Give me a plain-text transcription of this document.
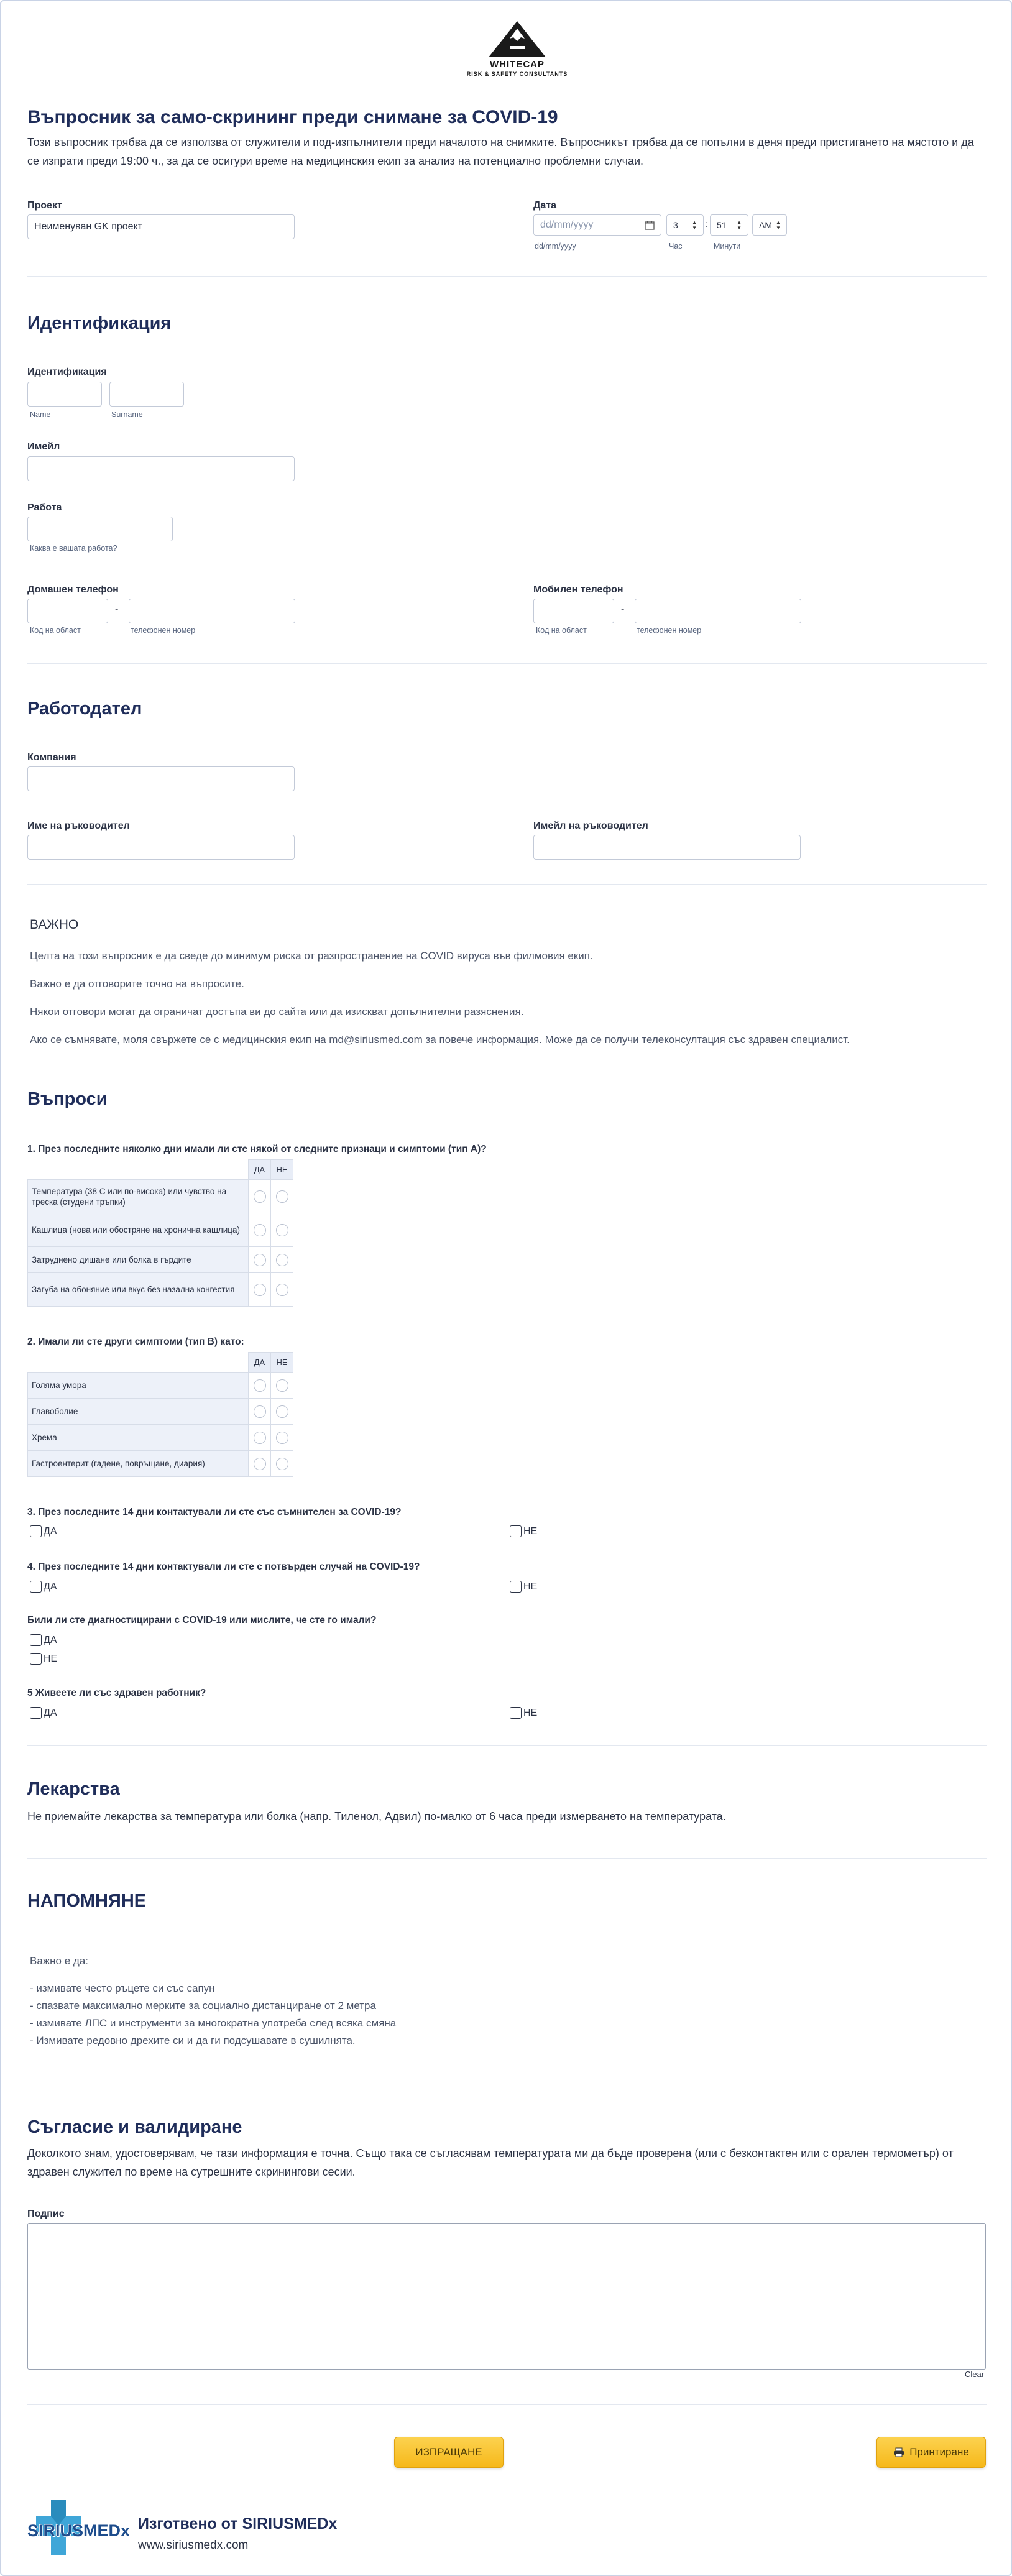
WHITECAP
RISK & SAFETY CONSULTANTS
Въпросник за само-скрининг преди снимане за COVID-19
Този въпросник трябва да се използва от служители и под-изпълнители преди началото на снимките. Въпросникът трябва да се попълни в деня преди пристигането на мястото и да се изпрати преди 19:00 ч., за да се осигури време на медицинския екип за анализ на потенциално проблемни случаи.
Проект
Неименуван GK проект
Дата
dd/mm/yyyy
dd/mm/yyyy
3	▲
▼ : 51 ▲
▼ AM ▲
▼
Час	Минути
Идентификация
Идентификация
Name	Surname
Имейл
Работа
Каква е вашата работа?
Домашен телефон
-
Код на област	телефонен номер
Мобилен телефон
-
Код на област	телефонен номер
Работодател
Компания
Име на ръководител	Имейл на ръководител
ВАЖНО
Целта на този въпросник е да сведе до минимум риска от разпространение на COVID вируса във филмовия екип.
Важно е да отговорите точно на въпросите.
Някои отговори могат да ограничат достъпа ви до сайта или да изискват допълнителни разяснения.
Ако се съмнявате, моля свържете се с медицинския екип на md@siriusmed.com за повече информация. Може да се получи телеконсултация със здравен специалист.
Въпроси
1. През последните няколко дни имали ли сте някой от следните признаци и симптоми (тип А)?
	ДА	НЕ
Температура (38 C или по-висока) или чувство на треска (студени тръпки)		
Кашлица (нова или обостряне на хронична кашлица)		
Затруднено дишане или болка в гърдите		
Загуба на обоняние или вкус без назална конгестия		
2. Имали ли сте други симптоми (тип B) като:
	ДА	НЕ
Голяма умора		
Главоболие		
Хрема		
Гастроентерит (гадене, повръщане, диария)		
3. През последните 14 дни контактували ли сте със съмнителен за COVID-19?
ДА	НЕ
4. През последните 14 дни контактували ли сте с потвърден случай на COVID-19?
ДА	НЕ
Били ли сте диагностицирани с COVID-19 или мислите, че сте го имали?
ДА
НЕ
5 Живеете ли със здравен работник?
ДА	НЕ
Лекарства
Не приемайте лекарства за температура или болка (напр. Тиленол, Адвил) по-малко от 6 часа преди измерването на температурата.
НАПОМНЯНЕ
Важно е да:
- измивате често ръцете си със сапун
- спазвате максимално мерките за социално дистанциране от 2 метра
- измивате ЛПС и инструменти за многократна употреба след всяка смяна
- Измивате редовно дрехите си и да ги подсушавате в сушилнята.
Съгласие и валидиране
Доколкото знам, удостоверявам, че тази информация е точна. Също така се съгласявам температурата ми да бъде проверена (или с безконтактен или с орален термометър) от здравен служител по време на сутрешните скринингови сесии.
Подпис
Clear
ИЗПРАЩАНЕ	Принтиране
SIRIUSMEDx Изготвено от SIRIUSMEDx
www.siriusmedx.com
